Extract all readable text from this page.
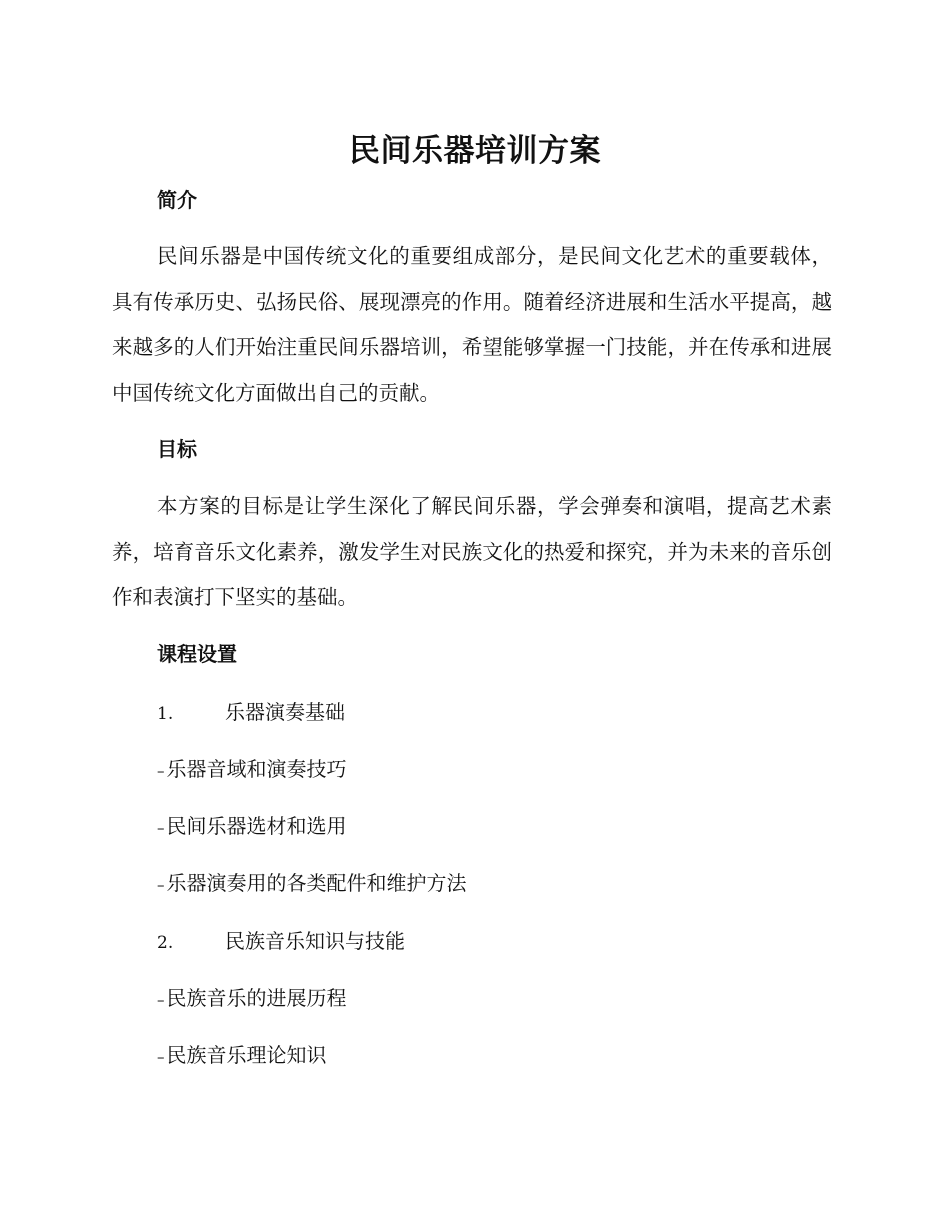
民间乐器培训方案
简介

民间乐器是中国传统文化的重要组成部分，是民间文化艺术的重要载体，具有传承历史、弘扬民俗、展现漂亮的作用。随着经济进展和生活水平提高，越来越多的人们开始注重民间乐器培训，希望能够掌握一门技能，并在传承和进展中国传统文化方面做出自己的贡献。

目标

本方案的目标是让学生深化了解民间乐器，学会弹奏和演唱，提高艺术素养，培育音乐文化素养，激发学生对民族文化的热爱和探究，并为未来的音乐创作和表演打下坚实的基础。

课程设置
1.	乐器演奏基础
– 乐器音域和演奏技巧
– 民间乐器选材和选用
– 乐器演奏用的各类配件和维护方法
2.	民族音乐知识与技能
– 民族音乐的进展历程
– 民族音乐理论知识
